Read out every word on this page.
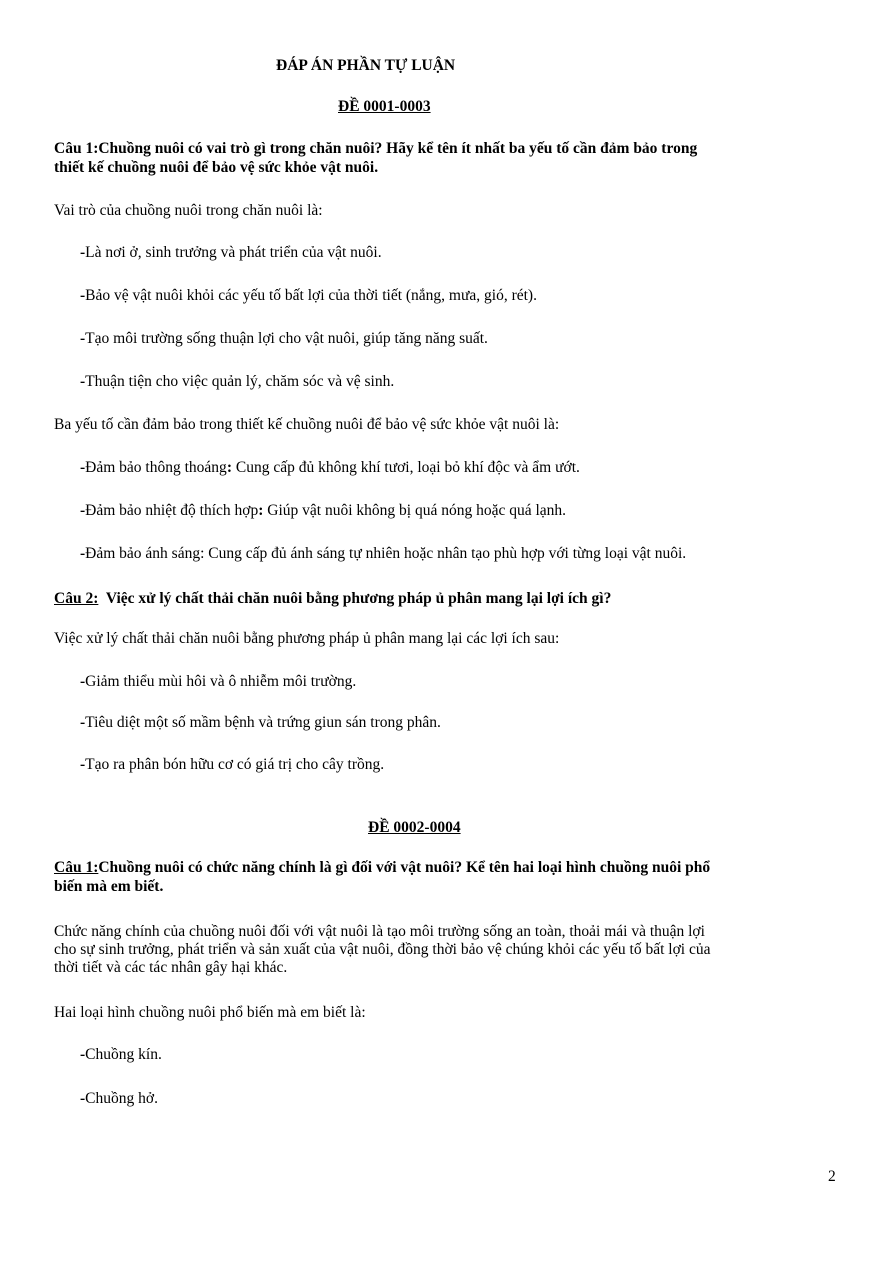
ĐÁP ÁN PHẦN TỰ LUẬN
ĐỀ 0001-0003
Câu 1:Chuồng nuôi có vai trò gì trong chăn nuôi? Hãy kể tên ít nhất ba yếu tố cần đảm bảo trong
thiết kế chuồng nuôi để bảo vệ sức khỏe vật nuôi.
Vai trò của chuồng nuôi trong chăn nuôi là:
-Là nơi ở, sinh trưởng và phát triển của vật nuôi.
-Bảo vệ vật nuôi khỏi các yếu tố bất lợi của thời tiết (nắng, mưa, gió, rét).
-Tạo môi trường sống thuận lợi cho vật nuôi, giúp tăng năng suất.
-Thuận tiện cho việc quản lý, chăm sóc và vệ sinh.
Ba yếu tố cần đảm bảo trong thiết kế chuồng nuôi để bảo vệ sức khỏe vật nuôi là:
-Đảm bảo thông thoáng: Cung cấp đủ không khí tươi, loại bỏ khí độc và ẩm ướt.
-Đảm bảo nhiệt độ thích hợp: Giúp vật nuôi không bị quá nóng hoặc quá lạnh.
-Đảm bảo ánh sáng: Cung cấp đủ ánh sáng tự nhiên hoặc nhân tạo phù hợp với từng loại vật nuôi.
Câu 2: Việc xử lý chất thải chăn nuôi bằng phương pháp ủ phân mang lại lợi ích gì?
Việc xử lý chất thải chăn nuôi bằng phương pháp ủ phân mang lại các lợi ích sau:
-Giảm thiểu mùi hôi và ô nhiễm môi trường.
-Tiêu diệt một số mầm bệnh và trứng giun sán trong phân.
-Tạo ra phân bón hữu cơ có giá trị cho cây trồng.
ĐỀ 0002-0004
Câu 1:Chuồng nuôi có chức năng chính là gì đối với vật nuôi? Kể tên hai loại hình chuồng nuôi phổ
biến mà em biết.
Chức năng chính của chuồng nuôi đối với vật nuôi là tạo môi trường sống an toàn, thoải mái và thuận lợi
cho sự sinh trưởng, phát triển và sản xuất của vật nuôi, đồng thời bảo vệ chúng khỏi các yếu tố bất lợi của
thời tiết và các tác nhân gây hại khác.
Hai loại hình chuồng nuôi phổ biến mà em biết là:
-Chuồng kín.
-Chuồng hở.
2
